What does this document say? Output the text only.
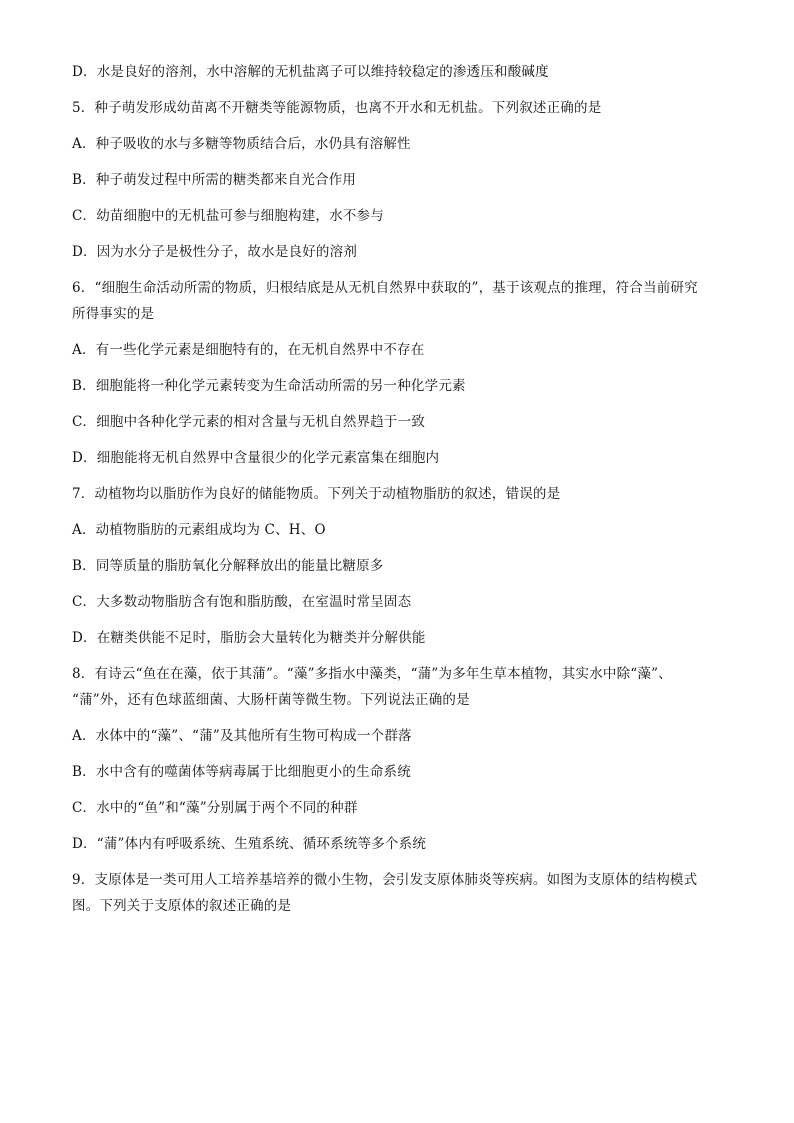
D．水是良好的溶剂，水中溶解的无机盐离子可以维持较稳定的渗透压和酸碱度
5．种子萌发形成幼苗离不开糖类等能源物质，也离不开水和无机盐。下列叙述正确的是
A．种子吸收的水与多糖等物质结合后，水仍具有溶解性
B．种子萌发过程中所需的糖类都来自光合作用
C．幼苗细胞中的无机盐可参与细胞构建，水不参与
D．因为水分子是极性分子，故水是良好的溶剂
6．“细胞生命活动所需的物质，归根结底是从无机自然界中获取的”，基于该观点的推理，符合当前研究
所得事实的是
A．有一些化学元素是细胞特有的，在无机自然界中不存在
B．细胞能将一种化学元素转变为生命活动所需的另一种化学元素
C．细胞中各种化学元素的相对含量与无机自然界趋于一致
D．细胞能将无机自然界中含量很少的化学元素富集在细胞内
7．动植物均以脂肪作为良好的储能物质。下列关于动植物脂肪的叙述，错误的是
A．动植物脂肪的元素组成均为 C、H、O
B．同等质量的脂肪氧化分解释放出的能量比糖原多
C．大多数动物脂肪含有饱和脂肪酸，在室温时常呈固态
D．在糖类供能不足时，脂肪会大量转化为糖类并分解供能
8．有诗云“鱼在在藻，依于其蒲”。“藻”多指水中藻类，“蒲”为多年生草本植物，其实水中除“藻”、
“蒲”外，还有色球蓝细菌、大肠杆菌等微生物。下列说法正确的是
A．水体中的“藻”、“蒲”及其他所有生物可构成一个群落
B．水中含有的噬菌体等病毒属于比细胞更小的生命系统
C．水中的“鱼”和“藻”分别属于两个不同的种群
D．“蒲”体内有呼吸系统、生殖系统、循环系统等多个系统
9．支原体是一类可用人工培养基培养的微小生物，会引发支原体肺炎等疾病。如图为支原体的结构模式
图。下列关于支原体的叙述正确的是
